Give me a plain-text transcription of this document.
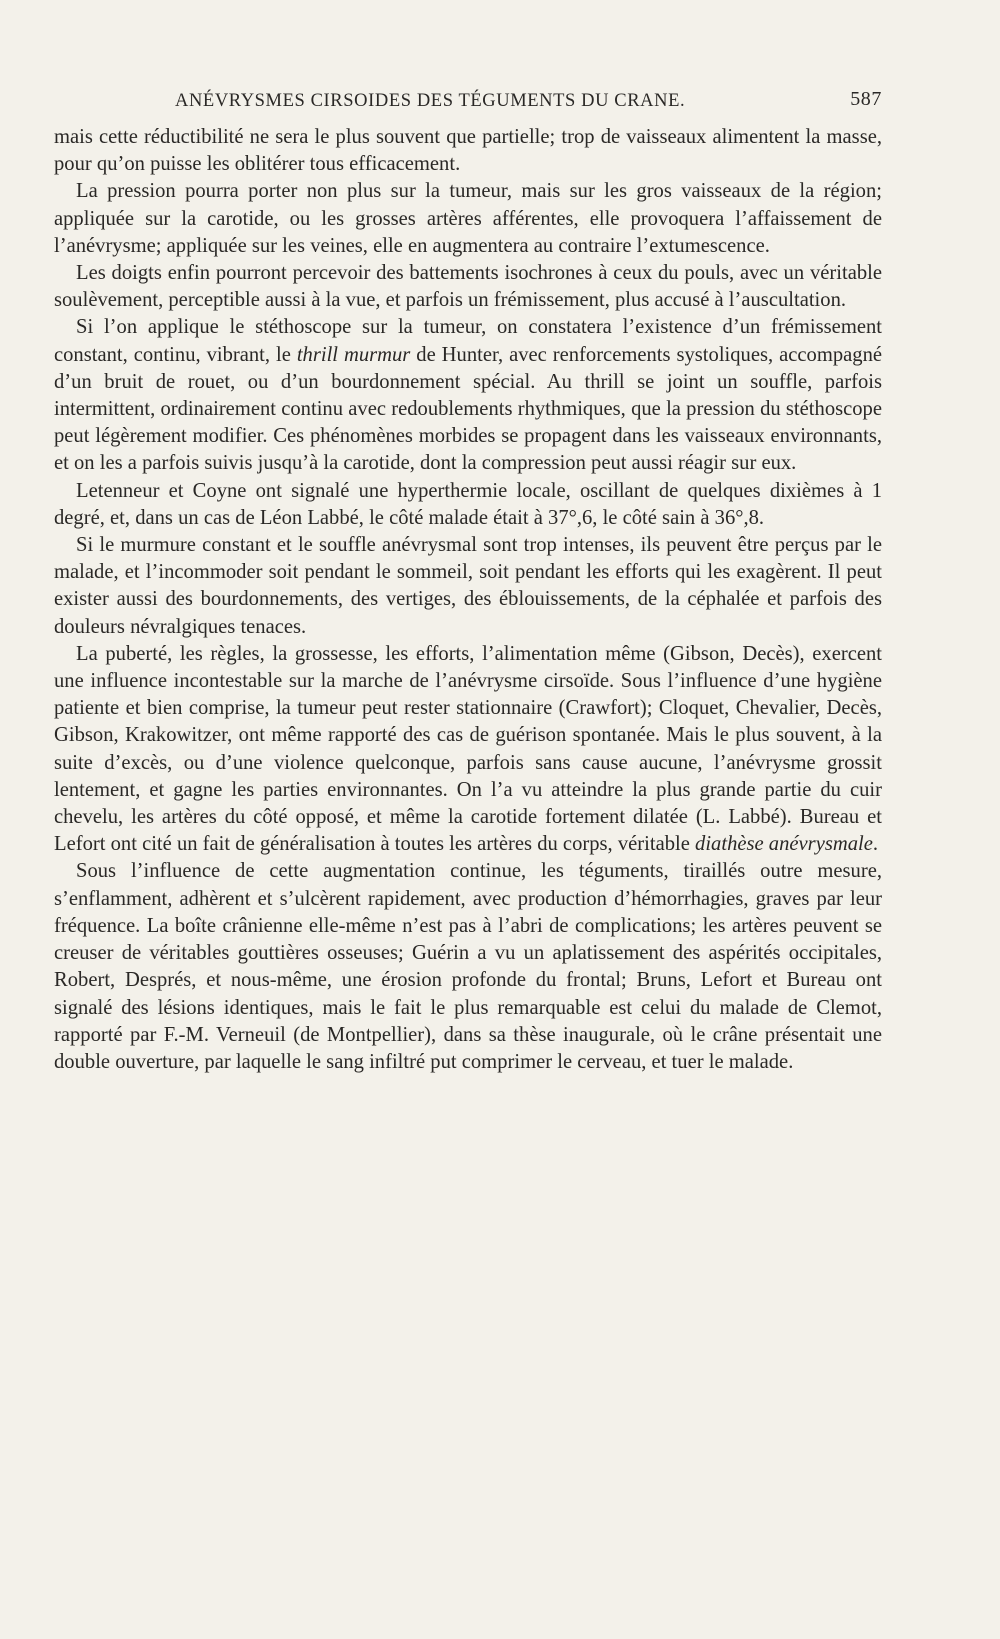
ANÉVRYSMES CIRSOIDES DES TÉGUMENTS DU CRANE.	587

mais cette réductibilité ne sera le plus souvent que partielle; trop de vaisseaux alimentent la masse, pour qu’on puisse les oblitérer tous efficacement.

La pression pourra porter non plus sur la tumeur, mais sur les gros vaisseaux de la région; appliquée sur la carotide, ou les grosses artères afférentes, elle provoquera l’affaissement de l’anévrysme; appliquée sur les veines, elle en augmentera au contraire l’extumescence.

Les doigts enfin pourront percevoir des battements isochrones à ceux du pouls, avec un véritable soulèvement, perceptible aussi à la vue, et parfois un frémissement, plus accusé à l’auscultation.

Si l’on applique le stéthoscope sur la tumeur, on constatera l’existence d’un frémissement constant, continu, vibrant, le thrill murmur de Hunter, avec renforcements systoliques, accompagné d’un bruit de rouet, ou d’un bourdonnement spécial. Au thrill se joint un souffle, parfois intermittent, ordinairement continu avec redoublements rhythmiques, que la pression du stéthoscope peut légèrement modifier. Ces phénomènes morbides se propagent dans les vaisseaux environnants, et on les a parfois suivis jusqu’à la carotide, dont la compression peut aussi réagir sur eux.

Letenneur et Coyne ont signalé une hyperthermie locale, oscillant de quelques dixièmes à 1 degré, et, dans un cas de Léon Labbé, le côté malade était à 37°,6, le côté sain à 36°,8.

Si le murmure constant et le souffle anévrysmal sont trop intenses, ils peuvent être perçus par le malade, et l’incommoder soit pendant le sommeil, soit pendant les efforts qui les exagèrent. Il peut exister aussi des bourdonnements, des vertiges, des éblouissements, de la céphalée et parfois des douleurs névralgiques tenaces.

La puberté, les règles, la grossesse, les efforts, l’alimentation même (Gibson, Decès), exercent une influence incontestable sur la marche de l’anévrysme cirsoïde. Sous l’influence d’une hygiène patiente et bien comprise, la tumeur peut rester stationnaire (Crawfort); Cloquet, Chevalier, Decès, Gibson, Krakowitzer, ont même rapporté des cas de guérison spontanée. Mais le plus souvent, à la suite d’excès, ou d’une violence quelconque, parfois sans cause aucune, l’anévrysme grossit lentement, et gagne les parties environnantes. On l’a vu atteindre la plus grande partie du cuir chevelu, les artères du côté opposé, et même la carotide fortement dilatée (L. Labbé). Bureau et Lefort ont cité un fait de généralisation à toutes les artères du corps, véritable diathèse anévrysmale.

Sous l’influence de cette augmentation continue, les téguments, tiraillés outre mesure, s’enflamment, adhèrent et s’ulcèrent rapidement, avec production d’hémorrhagies, graves par leur fréquence. La boîte crânienne elle-même n’est pas à l’abri de complications; les artères peuvent se creuser de véritables gouttières osseuses; Guérin a vu un aplatissement des aspérités occipitales, Robert, Després, et nous-même, une érosion profonde du frontal; Bruns, Lefort et Bureau ont signalé des lésions identiques, mais le fait le plus remarquable est celui du malade de Clemot, rapporté par F.-M. Verneuil (de Montpellier), dans sa thèse inaugurale, où le crâne présentait une double ouverture, par laquelle le sang infiltré put comprimer le cerveau, et tuer le malade.
